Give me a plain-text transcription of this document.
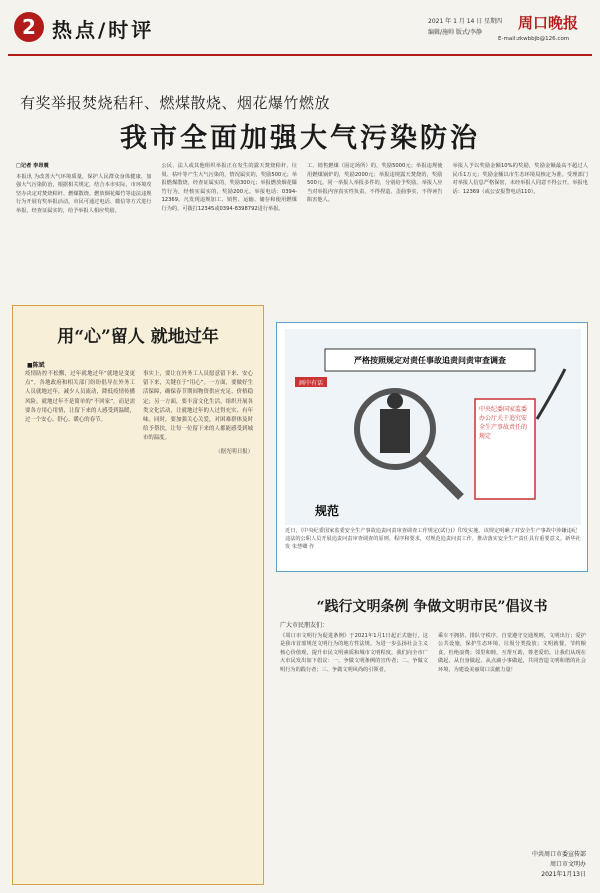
2 热点/时评	2021 年 1 月 14 日 星期四
编辑/施帅 版式/李静
周口晚报
E-mail:zkwbbjb@126.com
有奖举报焚烧秸秆、燃煤散烧、烟花爆竹燃放
我市全面加强大气污染防治
□记者 李昂震
本报讯 为改善大气环境质量，保护人民群众身体健康，加强大气污染防治，根据相关规定，结合本市实际，市环境攻坚办决定对焚烧秸秆、燃煤散烧、燃放烟花爆竹等违法违规行为开展有奖举报活动。市民可通过电话、微信等方式进行举报，经查证属实的，给予举报人相应奖励。
公民、法人或其他组织举报正在发生的露天焚烧秸秆、垃圾、枯叶等产生大气污染的，情况属实的，奖励500元；举报燃煤散烧，经查证属实的，奖励300元；举报燃放烟花爆竹行为，经核实属实的，奖励200元。举报电话：0394-12369。凡发现违规加工、销售、运输、储存和使用燃煤行为的，可拨打12345或0394-8398792进行举报。
工、销售燃煤（固定场所）的，奖励5000元；举报违规使用燃煤锅炉的，奖励2000元；举报违规露天焚烧的，奖励500元。同一举报人举报多件的，分别给予奖励。举报人应当对举报内容真实性负责，不得捏造、歪曲事实，不得诬告陷害他人。
举报人予以奖励金额10%的奖励，奖励金额最高不超过人民币1万元；奖励金额以市生态环境局核定为准。受理部门对举报人信息严格保密，未经举报人同意不得公开。举报电话：12369（或公安报警电话110）。
用“心”留人 就地过年
■陈斌
疫情防控不松懈，过年就地过年“就地是变更点”。各地政府和相关部门纷纷倡导在外务工人员就地过年，减少人员流动，降低疫情传播风险。就地过年不是简单的“不回家”，而是需要各方用心用情，让留下来的人感受到温暖，过一个安心、舒心、暖心的春节。
事实上，要让在外务工人员愿意留下来、安心留下来，关键在于“用心”。一方面，要做好生活保障，确保春节期间物资供应充足、价格稳定；另一方面，要丰富文化生活，组织开展各类文化活动，让就地过年的人过得充实、有年味。同时，要加强关心关爱，对困难群体及时给予帮扶，让每一位留下来的人都能感受到城市的温度。
（据光明日报）
严格按照规定对责任事故追责问责审查调查
画中有话
中央纪委国家监委办公厅关于追究安全生产事故责任的规定
规范
近日，《中央纪委国家监委安全生产事故追责问责审查调查工作规定(试行)》印发实施。该规定明确了对安全生产事故中涉嫌违纪违法的公职人员开展追责问责审查调查的原则、程序和要求，对规范追责问责工作、推动落实安全生产责任具有重要意义。新华社发 朱慧卿 作
“践行文明条例 争做文明市民”倡议书
广大市民朋友们：
《周口市文明行为促进条例》于2021年1月1日起正式施行，这是我市首部规范文明行为的地方性法规。为进一步弘扬社会主义核心价值观，提升市民文明素质和城市文明程度，我们向全市广大市民发出如下倡议：一、争做文明条例的宣传者；二、争做文明行为的践行者；三、争做文明风尚的引领者。
乘车不拥挤、排队守秩序，自觉遵守交通规则，文明出行；爱护公共设施，保护生态环境，垃圾分类投放；文明就餐，节约粮食，杜绝浪费；邻里和睦，互帮互助，尊老爱幼。让我们从现在做起、从自身做起、从点滴小事做起，共同营造文明和谐的社会环境，为建设美丽周口贡献力量！
中共周口市委宣传部
周口市文明办
2021年1月13日
